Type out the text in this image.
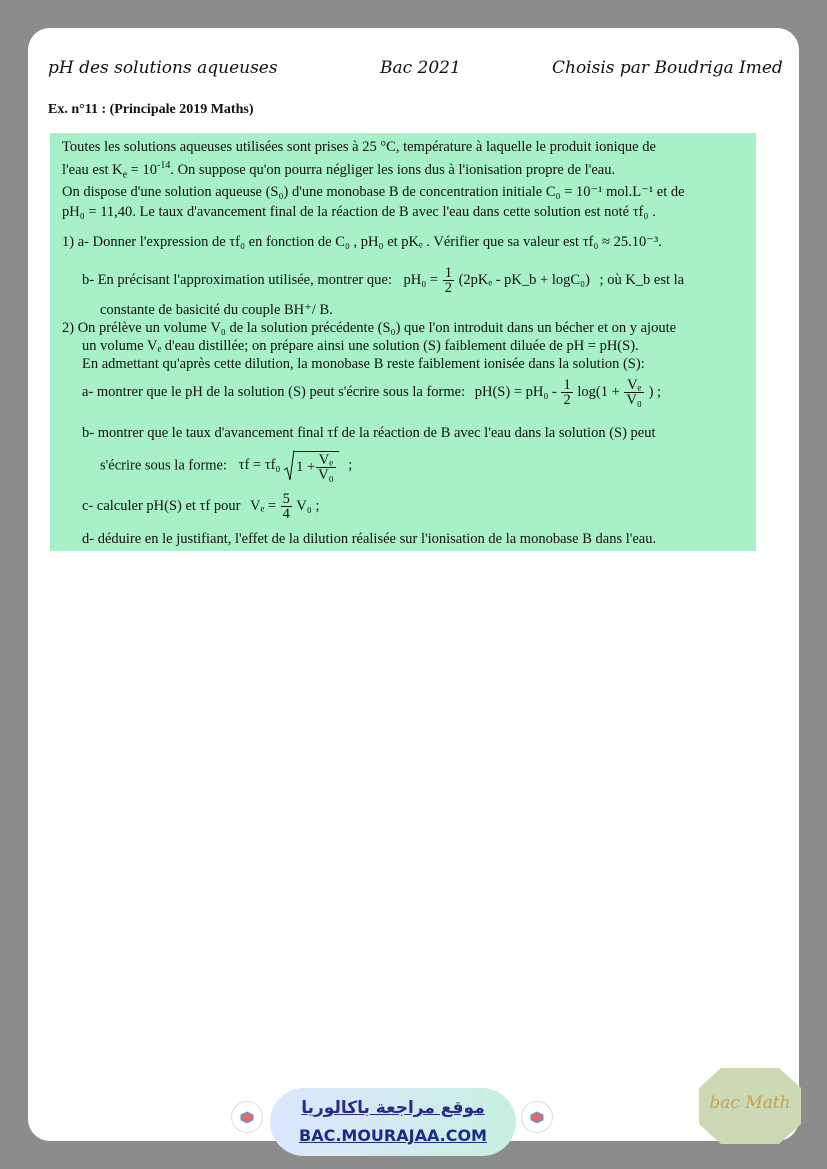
pH des solutions aqueuses	Bac 2021	Choisis par Boudriga Imed
Ex. n°11 : (Principale 2019 Maths)
Toutes les solutions aqueuses utilisées sont prises à 25 °C, température à laquelle le produit ionique de
l'eau est $K_e = 10^{-14}$. On suppose qu'on pourra négliger les ions dus à l'ionisation propre de l'eau.
On dispose d'une solution aqueuse (S₀) d'une monobase B de concentration initiale C₀ = 10⁻¹ mol.L⁻¹ et de
pH₀ = 11,40. Le taux d'avancement final de la réaction de B avec l'eau dans cette solution est noté τf₀ .
1) a- Donner l'expression de τf₀ en fonction de C₀ , pH₀ et pKₑ . Vérifier que sa valeur est τf₀ ≈ 25.10⁻³.
b- En précisant l'approximation utilisée, montrer que: $pH_0 = \frac{1}{2} (2pK_e$ - pK_b + logC₀) ; où K_b est la
constante de basicité du couple BH⁺/ B.
2) On prélève un volume V₀ de la solution précédente (S₀) que l'on introduit dans un bécher et on y ajoute
un volume Vₑ d'eau distillée; on prépare ainsi une solution (S) faiblement diluée de pH = pH(S).
En admettant qu'après cette dilution, la monobase B reste faiblement ionisée dans la solution (S):
a- montrer que le pH de la solution (S) peut s'écrire sous la forme: $pH(S) = pH_0 - \frac{1}{2} \log(1 + \frac{\text{Vₑ}}{\text{V₀}}$ ) ;
b- montrer que le taux d'avancement final τf de la réaction de B avec l'eau dans la solution (S) peut
s'écrire sous la forme: τf = τf₀ $1 + \frac{\text{Vₑ}}{\text{V₀}}$ ;
c- calculer pH(S) et τf pour $V_e = \frac{5}{4} V_0$ ;
d- déduire en le justifiant, l'effet de la dilution réalisée sur l'ionisation de la monobase B dans l'eau.
موقع مراجعة باكالوريا
BAC.MOURAJAA.COM
bac Math
